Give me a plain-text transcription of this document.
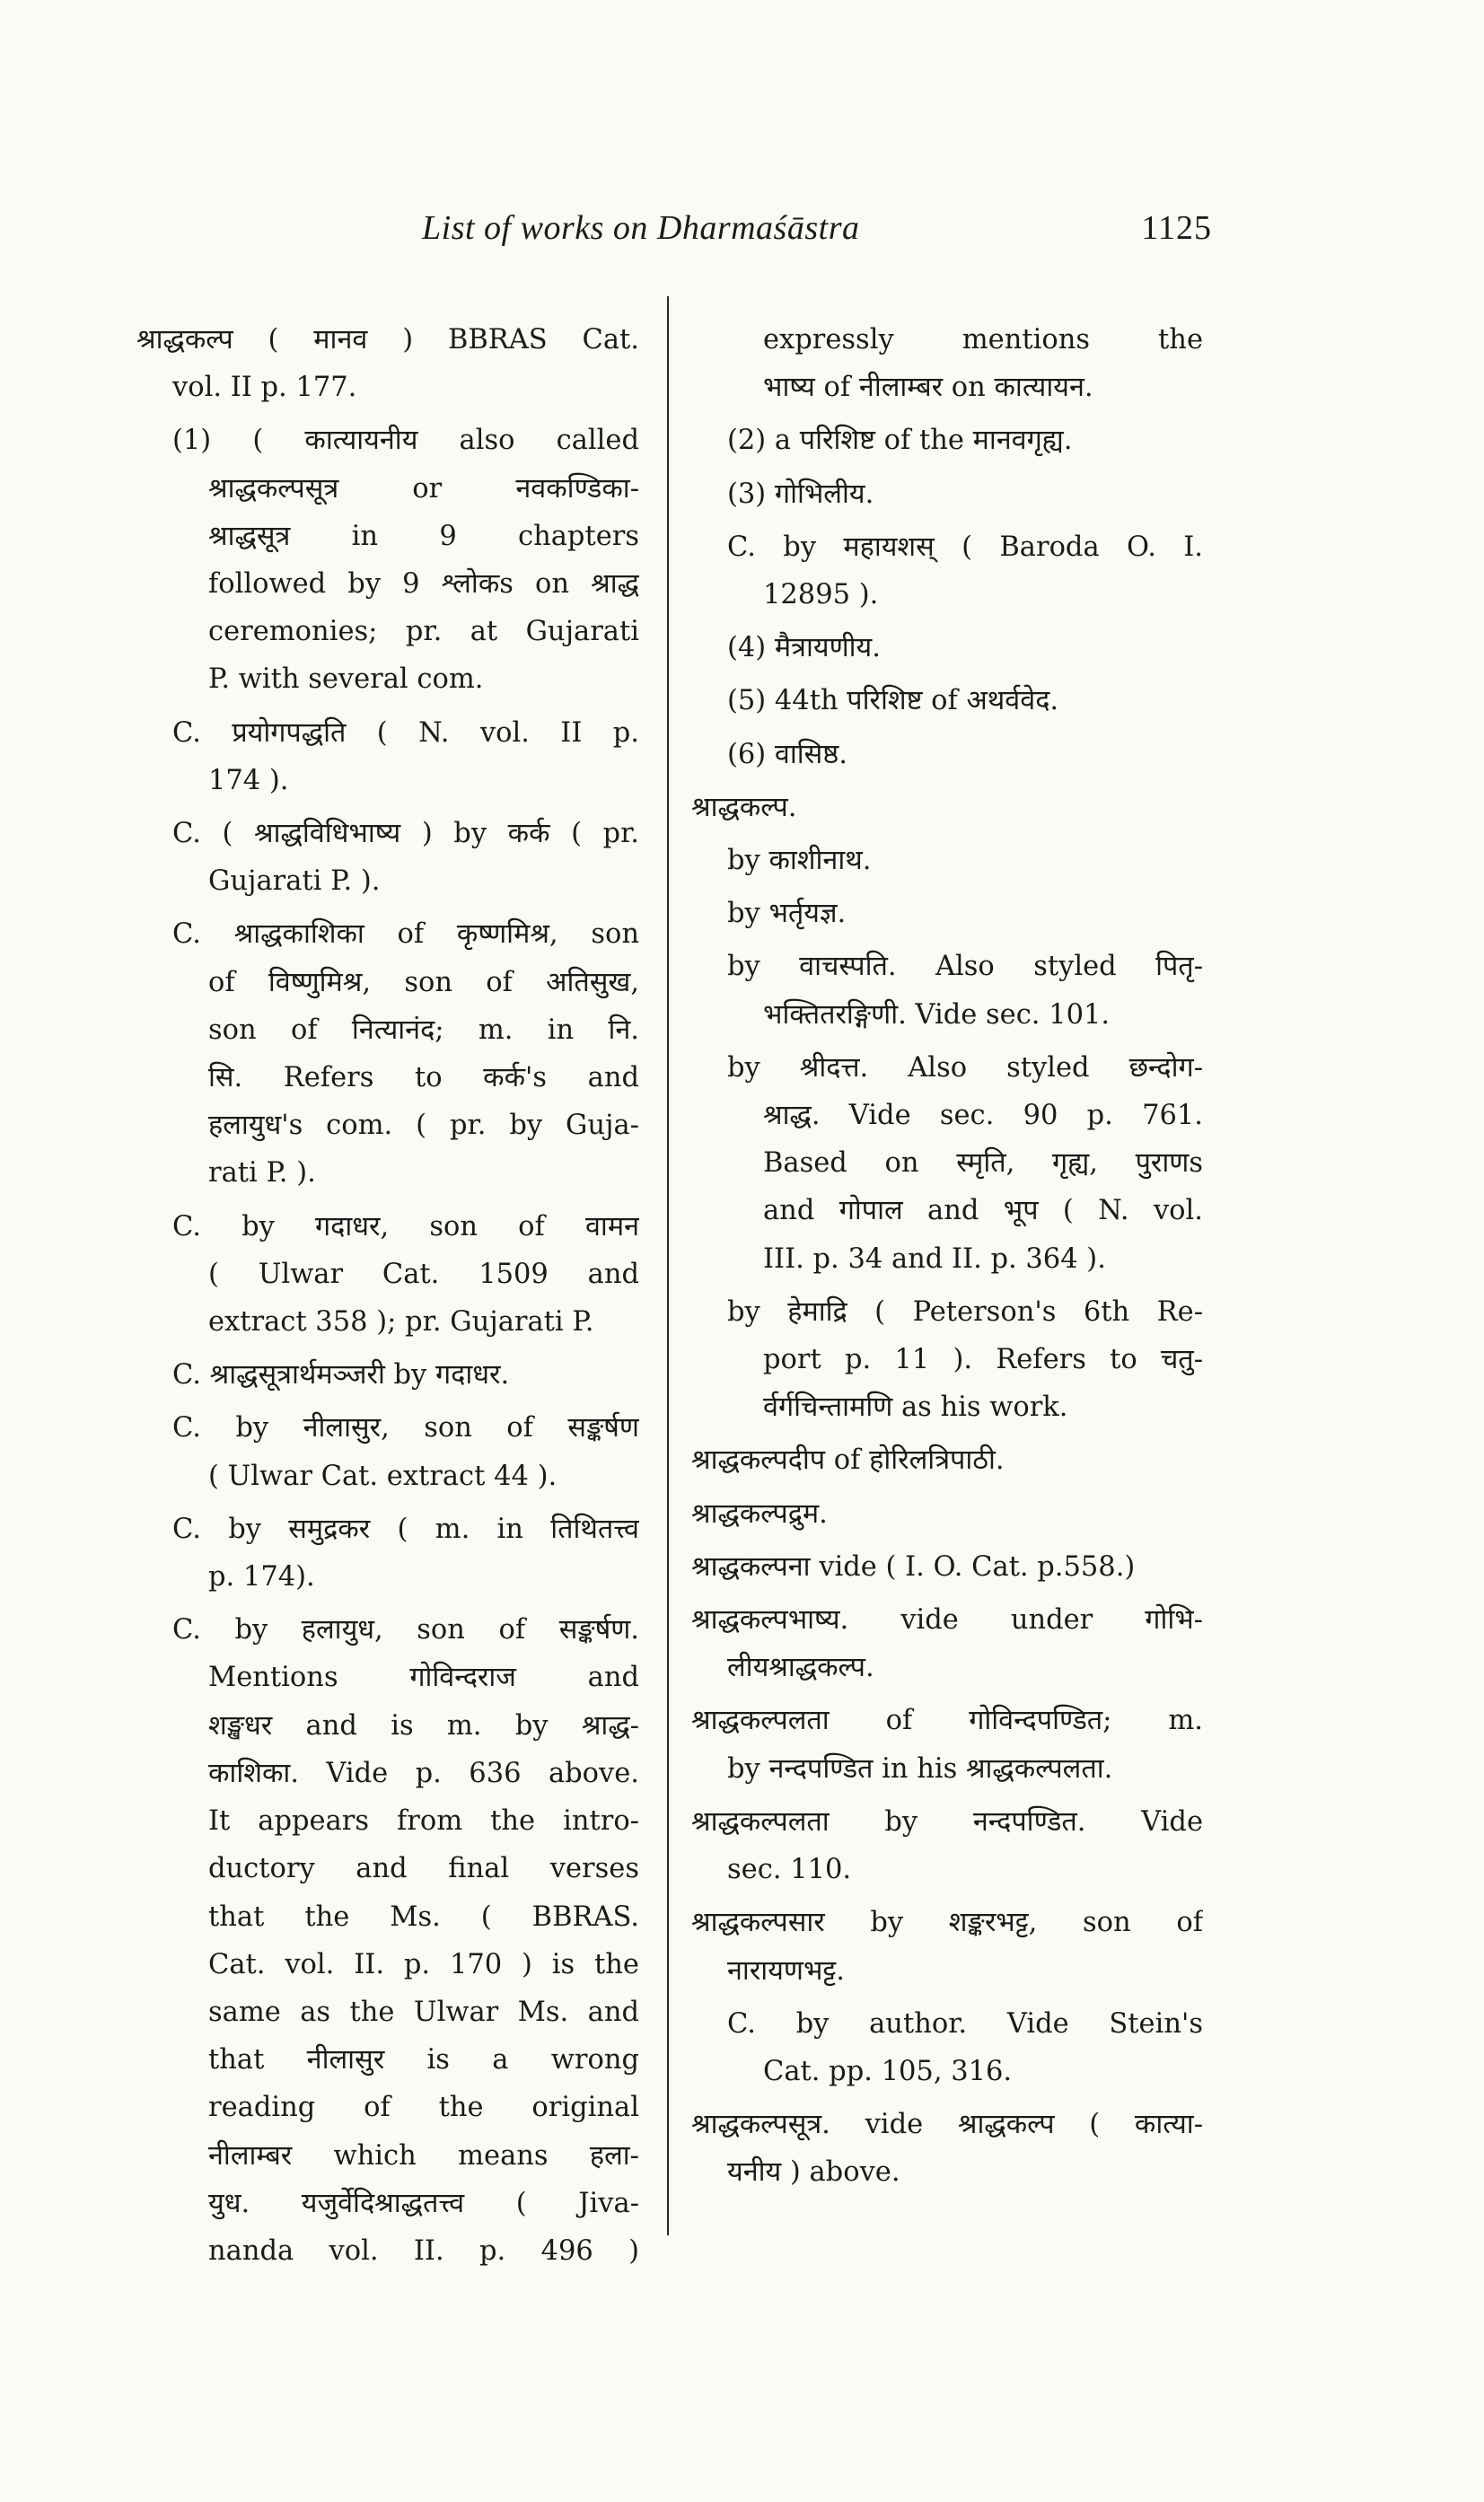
List of works on Dharmaśāstra	1125
श्राद्धकल्प ( मानव ) BBRAS Cat.
vol. II p. 177.
(1) ( कात्यायनीय also called
श्राद्धकल्पसूत्र or नवकण्डिका-
श्राद्धसूत्र in 9 chapters
followed by 9 श्लोकs on श्राद्ध
ceremonies; pr. at Gujarati
P. with several com.
C. प्रयोगपद्धति ( N. vol. II p.
174 ).
C. ( श्राद्धविधिभाष्य ) by कर्क ( pr.
Gujarati P. ).
C. श्राद्धकाशिका of कृष्णमिश्र, son
of विष्णुमिश्र, son of अतिसुख,
son of नित्यानंद; m. in नि.
सि. Refers to कर्क's and
हलायुध's com. ( pr. by Guja-
rati P. ).
C. by गदाधर, son of वामन
( Ulwar Cat. 1509 and
extract 358 ); pr. Gujarati P.
C. श्राद्धसूत्रार्थमञ्जरी by गदाधर.
C. by नीलासुर, son of सङ्कर्षण
( Ulwar Cat. extract 44 ).
C. by समुद्रकर ( m. in तिथितत्त्व
p. 174).
C. by हलायुध, son of सङ्कर्षण.
Mentions गोविन्दराज and
शङ्खधर and is m. by श्राद्ध-
काशिका. Vide p. 636 above.
It appears from the intro-
ductory and final verses
that the Ms. ( BBRAS.
Cat. vol. II. p. 170 ) is the
same as the Ulwar Ms. and
that नीलासुर is a wrong
reading of the original
नीलाम्बर which means हला-
युध. यजुर्वेदिश्राद्धतत्त्व ( Jiva-
nanda vol. II. p. 496 )
expressly mentions the
भाष्य of नीलाम्बर on कात्यायन.
(2) a परिशिष्ट of the मानवगृह्य.
(3) गोभिलीय.
C. by महायशस् ( Baroda O. I.
12895 ).
(4) मैत्रायणीय.
(5) 44th परिशिष्ट of अथर्ववेद.
(6) वासिष्ठ.
श्राद्धकल्प.
by काशीनाथ.
by भर्तृयज्ञ.
by वाचस्पति. Also styled पितृ-
भक्तितरङ्गिणी. Vide sec. 101.
by श्रीदत्त. Also styled छन्दोग-
श्राद्ध. Vide sec. 90 p. 761.
Based on स्मृति, गृह्य, पुराणs
and गोपाल and भूप ( N. vol.
III. p. 34 and II. p. 364 ).
by हेमाद्रि ( Peterson's 6th Re-
port p. 11 ). Refers to चतु-
र्वर्गचिन्तामणि as his work.
श्राद्धकल्पदीप of होरिलत्रिपाठी.
श्राद्धकल्पद्रुम.
श्राद्धकल्पना vide ( I. O. Cat. p.558.)
श्राद्धकल्पभाष्य. vide under गोभि-
लीयश्राद्धकल्प.
श्राद्धकल्पलता of गोविन्दपण्डित; m.
by नन्दपण्डित in his श्राद्धकल्पलता.
श्राद्धकल्पलता by नन्दपण्डित. Vide
sec. 110.
श्राद्धकल्पसार by शङ्करभट्ट, son of
नारायणभट्ट.
C. by author. Vide Stein's
Cat. pp. 105, 316.
श्राद्धकल्पसूत्र. vide श्राद्धकल्प ( कात्या-
यनीय ) above.
